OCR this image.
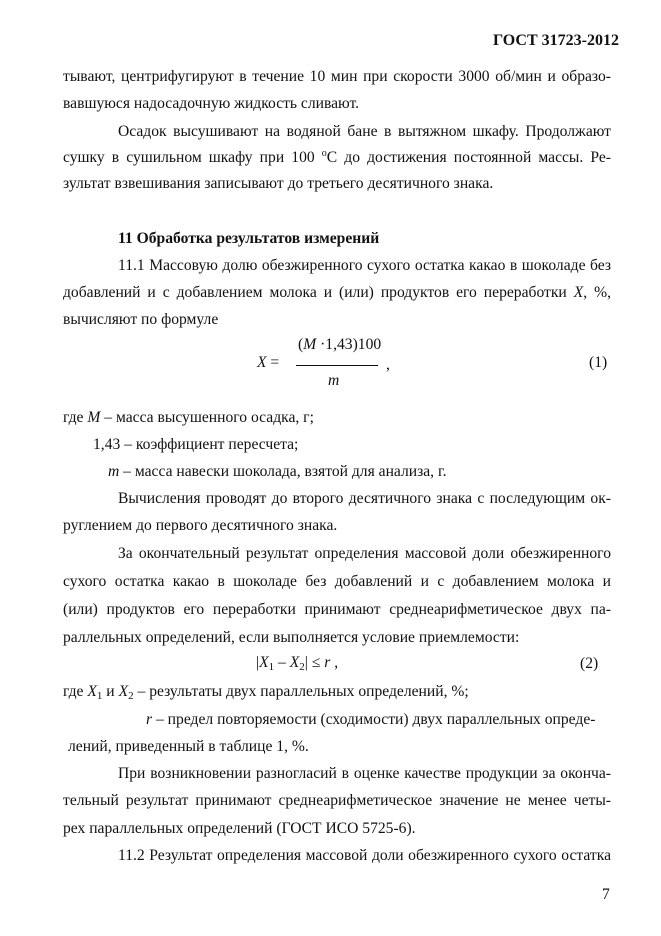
ГОСТ 31723-2012
тывают, центрифугируют в течение 10 мин при скорости 3000 об/мин и образо-
вавшуюся надосадочную жидкость сливают.
Осадок высушивают на водяной бане в вытяжном шкафу. Продолжают
сушку в сушильном шкафу при 100 $^о$С до достижения постоянной массы. Ре-
зультат взвешивания записывают до третьего десятичного знака.
11 Обработка результатов измерений
11.1 Массовую долю обезжиренного сухого остатка какао в шоколаде без
добавлений и с добавлением молока и (или) продуктов его переработки X, %,
вычисляют по формуле
X =
(M ·1,43)100
m
,	(1)
где M – масса высушенного осадка, г;
1,43 – коэффициент пересчета;
m – масса навески шоколада, взятой для анализа, г.
Вычисления проводят до второго десятичного знака с последующим ок-
руглением до первого десятичного знака.
За окончательный результат определения массовой доли обезжиренного
сухого остатка какао в шоколаде без добавлений и с добавлением молока и
(или) продуктов его переработки принимают среднеарифметическое двух па-
раллельных определений, если выполняется условие приемлемости:
$|X_1 - X_2| \le r$ ,	(2)
где $X_1$ и $X_2$ – результаты двух параллельных определений, %;
r – предел повторяемости (сходимости) двух параллельных опреде-
лений, приведенный в таблице 1, %.
При возникновении разногласий в оценке качестве продукции за оконча-
тельный результат принимают среднеарифметическое значение не менее четы-
рех параллельных определений (ГОСТ ИСО 5725-6).
11.2 Результат определения массовой доли обезжиренного сухого остатка
7
